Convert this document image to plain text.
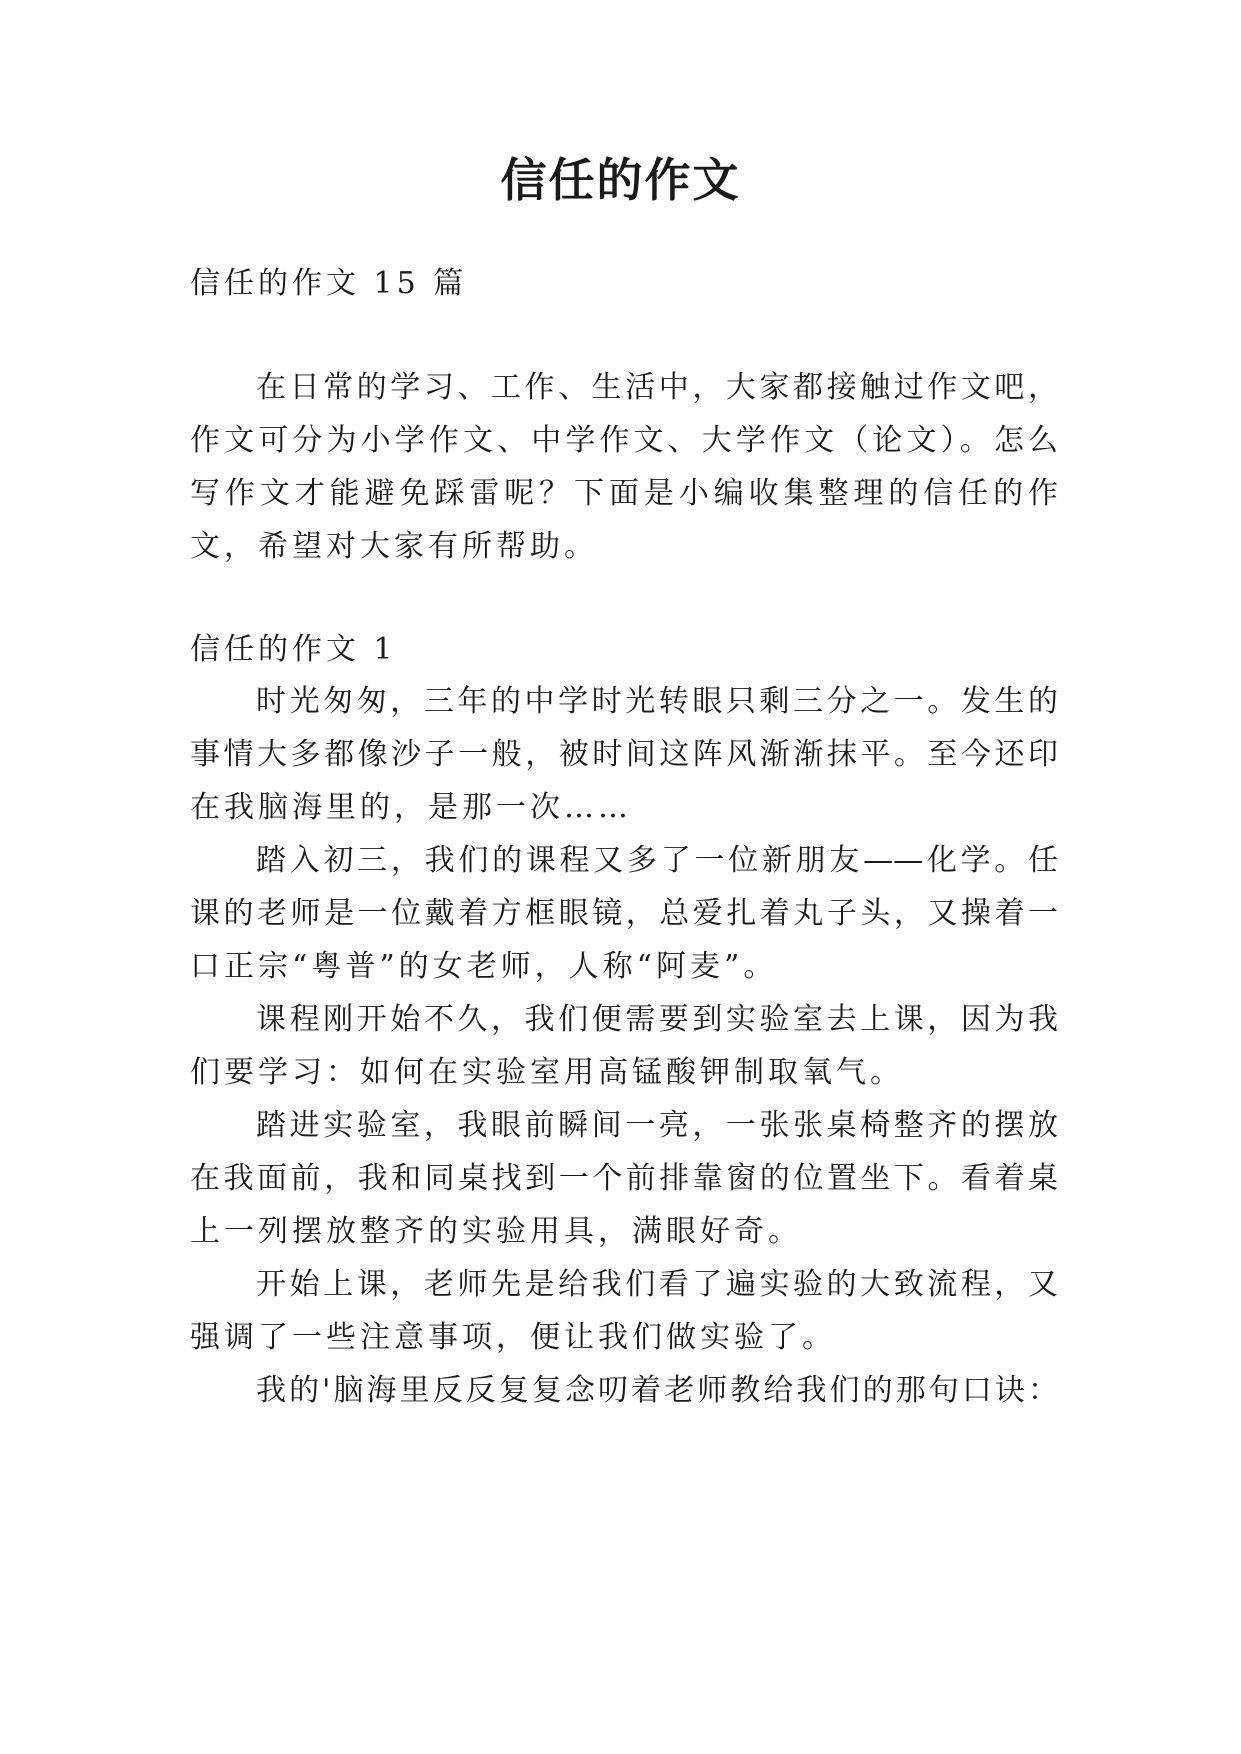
信任的作文
信任的作文 15 篇
在日常的学习、工作、生活中，大家都接触过作文吧，
作文可分为小学作文、中学作文、大学作文（论文）。怎么
写作文才能避免踩雷呢？下面是小编收集整理的信任的作
文，希望对大家有所帮助。
信任的作文 1
时光匆匆，三年的中学时光转眼只剩三分之一。发生的
事情大多都像沙子一般，被时间这阵风渐渐抹平。至今还印
在我脑海里的，是那一次……
踏入初三，我们的课程又多了一位新朋友——化学。任
课的老师是一位戴着方框眼镜，总爱扎着丸子头，又操着一
口正宗“粤普”的女老师，人称“阿麦”。
课程刚开始不久，我们便需要到实验室去上课，因为我
们要学习：如何在实验室用高锰酸钾制取氧气。
踏进实验室，我眼前瞬间一亮，一张张桌椅整齐的摆放
在我面前，我和同桌找到一个前排靠窗的位置坐下。看着桌
上一列摆放整齐的实验用具，满眼好奇。
开始上课，老师先是给我们看了遍实验的大致流程，又
强调了一些注意事项，便让我们做实验了。
我的'脑海里反反复复念叨着老师教给我们的那句口诀：
